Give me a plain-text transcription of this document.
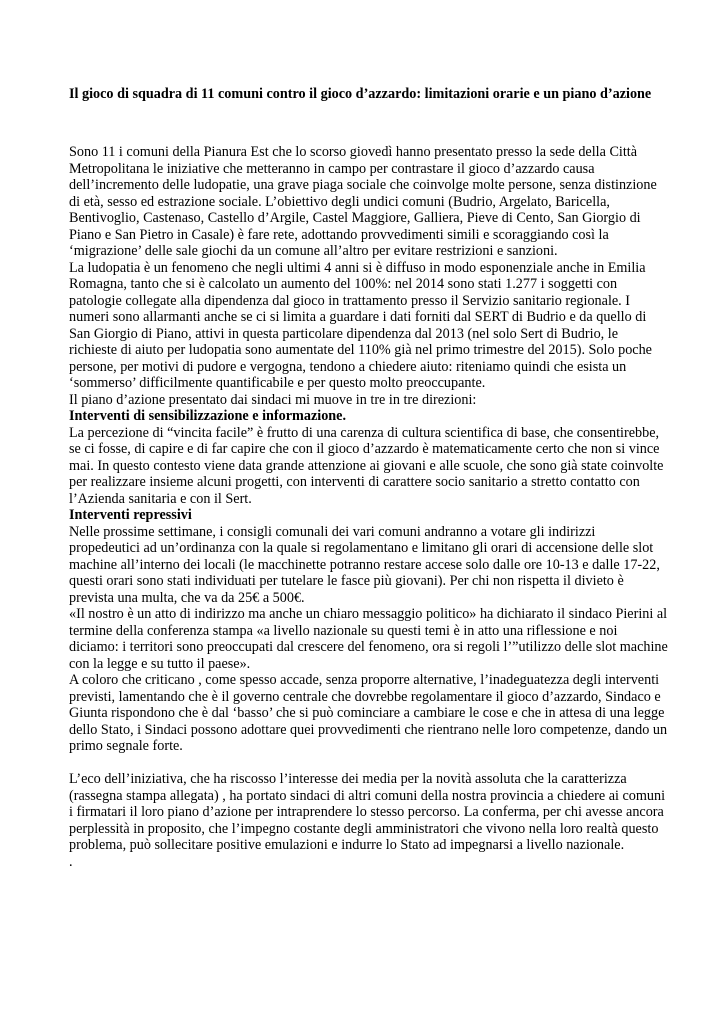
Il gioco di squadra di 11 comuni contro il gioco d’azzardo: limitazioni orarie e un piano d’azione

Sono 11 i comuni della Pianura Est che lo scorso giovedì hanno presentato presso la sede della Città Metropolitana le iniziative che metteranno in campo per contrastare il gioco d’azzardo causa dell’incremento delle ludopatie, una grave piaga sociale che coinvolge molte persone, senza distinzione di età, sesso ed estrazione sociale. L’obiettivo degli undici comuni (Budrio, Argelato, Baricella, Bentivoglio, Castenaso, Castello d’Argile, Castel Maggiore, Galliera, Pieve di Cento, San Giorgio di Piano e San Pietro in Casale) è fare rete, adottando provvedimenti simili e scoraggiando così la ‘migrazione’ delle sale giochi da un comune all’altro per evitare restrizioni e sanzioni.

La ludopatia è un fenomeno che negli ultimi 4 anni si è diffuso in modo esponenziale anche in Emilia Romagna, tanto che si è calcolato un aumento del 100%: nel 2014 sono stati 1.277 i soggetti con patologie collegate alla dipendenza dal gioco in trattamento presso il Servizio sanitario regionale. I numeri sono allarmanti anche se ci si limita a guardare i dati forniti dal SERT di Budrio e da quello di San Giorgio di Piano, attivi in questa particolare dipendenza dal 2013 (nel solo Sert di Budrio, le richieste di aiuto per ludopatia sono aumentate del 110% già nel primo trimestre del 2015). Solo poche persone, per motivi di pudore e vergogna, tendono a chiedere aiuto: riteniamo quindi che esista un ‘sommerso’ difficilmente quantificabile e per questo molto preoccupante.

Il piano d’azione presentato dai sindaci mi muove in tre in tre direzioni:

Interventi di sensibilizzazione e informazione.

La percezione di “vincita facile” è frutto di una carenza di cultura scientifica di base, che consentirebbe, se ci fosse, di capire e di far capire che con il gioco d’azzardo è matematicamente certo che non si vince mai. In questo contesto viene data grande attenzione ai giovani e alle scuole, che sono già state coinvolte per realizzare insieme alcuni progetti, con interventi di carattere socio sanitario a stretto contatto con l’Azienda sanitaria e con il Sert.

Interventi repressivi

Nelle prossime settimane, i consigli comunali dei vari comuni andranno a votare gli indirizzi propedeutici ad un’ordinanza con la quale si regolamentano e limitano gli orari di accensione delle slot machine all’interno dei locali (le macchinette potranno restare accese solo dalle ore 10-13 e dalle 17-22, questi orari sono stati individuati per tutelare le fasce più giovani). Per chi non rispetta il divieto è prevista una multa, che va da 25€ a 500€.

«Il nostro è un atto di indirizzo ma anche un chiaro messaggio politico» ha dichiarato il sindaco Pierini al termine della conferenza stampa «a livello nazionale su questi temi è in atto una riflessione e noi diciamo: i territori sono preoccupati dal crescere del fenomeno, ora si regoli l’”utilizzo delle slot machine con la legge e su tutto il paese».

A coloro che criticano , come spesso accade, senza proporre alternative, l’inadeguatezza degli interventi previsti, lamentando che è il governo centrale che dovrebbe regolamentare il gioco d’azzardo, Sindaco e Giunta rispondono che è dal ‘basso’ che si può cominciare a cambiare le cose e che in attesa di una legge dello Stato, i Sindaci possono adottare quei provvedimenti che rientrano nelle loro competenze, dando un primo segnale forte.

L’eco dell’iniziativa, che ha riscosso l’interesse dei media per la novità assoluta che la caratterizza (rassegna stampa allegata) , ha portato sindaci di altri comuni della nostra provincia a chiedere ai comuni i firmatari il loro piano d’azione per intraprendere lo stesso percorso. La conferma, per chi avesse ancora perplessità in proposito, che l’impegno costante degli amministratori che vivono nella loro realtà questo problema, può sollecitare positive emulazioni e indurre lo Stato ad impegnarsi a livello nazionale.

.
